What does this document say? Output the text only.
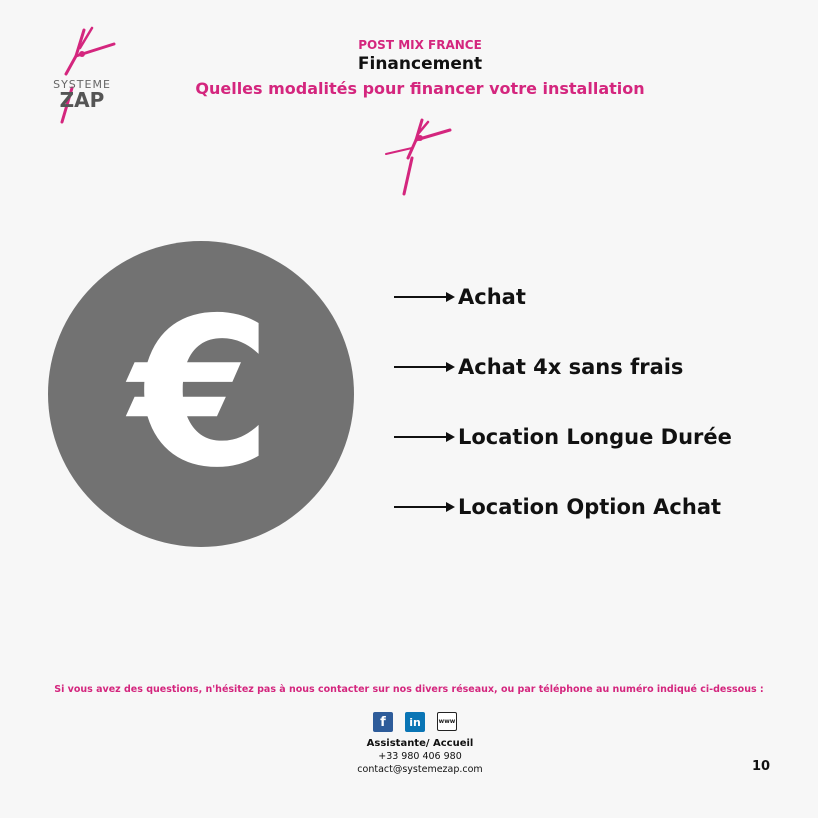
SYSTEME
ZAP
POST MIX FRANCE
Financement
Quelles modalités pour financer votre installation
€	Achat
Achat 4x sans frais
Location Longue Durée
Location Option Achat
Si vous avez des questions, n'hésitez pas à nous contacter sur nos divers réseaux, ou par téléphone au numéro indiqué ci-dessous :
f	in	www
Assistante/ Accueil
+33 980 406 980
contact@systemezap.com	10
